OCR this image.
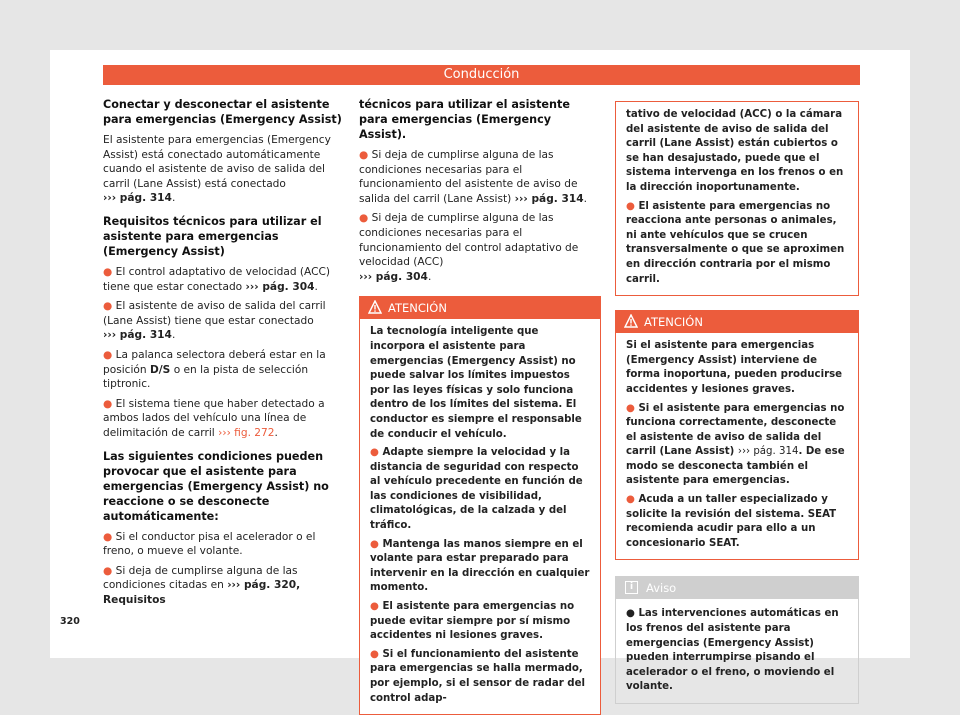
Conducción

Conectar y desconectar el asistente para emergencias (Emergency Assist)

El asistente para emergencias (Emergency Assist) está conectado automáticamente cuando el asistente de aviso de salida del carril (Lane Assist) está conectado
››› pág. 314.

Requisitos técnicos para utilizar el asistente para emergencias (Emergency Assist)

● El control adaptativo de velocidad (ACC) tiene que estar conectado ››› pág. 304.

● El asistente de aviso de salida del carril (Lane Assist) tiene que estar conectado
››› pág. 314.

● La palanca selectora deberá estar en la posición D/S o en la pista de selección tiptronic.

● El sistema tiene que haber detectado a ambos lados del vehículo una línea de delimitación de carril ››› fig. 272.

Las siguientes condiciones pueden provocar que el asistente para emergencias (Emergency Assist) no reaccione o se desconecte automáticamente:

● Si el conductor pisa el acelerador o el freno, o mueve el volante.

● Si deja de cumplirse alguna de las condiciones citadas en ››› pág. 320, Requisitos

técnicos para utilizar el asistente para emergencias (Emergency Assist).

● Si deja de cumplirse alguna de las condiciones necesarias para el funcionamiento del asistente de aviso de salida del carril (Lane Assist) ››› pág. 314.

● Si deja de cumplirse alguna de las condiciones necesarias para el funcionamiento del control adaptativo de velocidad (ACC)
››› pág. 304.

ATENCIÓN

La tecnología inteligente que incorpora el asistente para emergencias (Emergency Assist) no puede salvar los límites impuestos por las leyes físicas y solo funciona dentro de los límites del sistema. El conductor es siempre el responsable de conducir el vehículo.

● Adapte siempre la velocidad y la distancia de seguridad con respecto al vehículo precedente en función de las condiciones de visibilidad, climatológicas, de la calzada y del tráfico.

● Mantenga las manos siempre en el volante para estar preparado para intervenir en la dirección en cualquier momento.

● El asistente para emergencias no puede evitar siempre por sí mismo accidentes ni lesiones graves.

● Si el funcionamiento del asistente para emergencias se halla mermado, por ejemplo, si el sensor de radar del control adap-

tativo de velocidad (ACC) o la cámara del asistente de aviso de salida del carril (Lane Assist) están cubiertos o se han desajustado, puede que el sistema intervenga en los frenos o en la dirección inoportunamente.

● El asistente para emergencias no reacciona ante personas o animales, ni ante vehículos que se crucen transversalmente o que se aproximen en dirección contraria por el mismo carril.

ATENCIÓN

Si el asistente para emergencias (Emergency Assist) interviene de forma inoportuna, pueden producirse accidentes y lesiones graves.

● Si el asistente para emergencias no funciona correctamente, desconecte el asistente de aviso de salida del carril (Lane Assist) ››› pág. 314. De ese modo se desconecta también el asistente para emergencias.

● Acuda a un taller especializado y solicite la revisión del sistema. SEAT recomienda acudir para ello a un concesionario SEAT.

i	Aviso

● Las intervenciones automáticas en los frenos del asistente para emergencias (Emergency Assist) pueden interrumpirse pisando el acelerador o el freno, o moviendo el volante.

320
